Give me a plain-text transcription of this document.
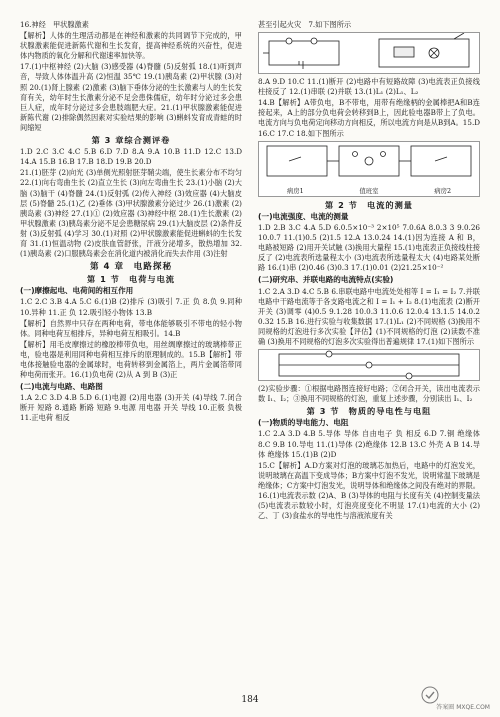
16.神经　甲状腺激素

【解析】人体的生理活动都是在神经和激素的共同调节下完成的，甲状腺激素能促进新陈代谢和生长发育，提高神经系统的兴奋性，促进体内物质的氧化分解和代谢速率加快等。

17.(1)中枢神经 (2)大脑 (3)感受器 (4)脊髓 (5)反射弧 18.(1)听到声音，导致人体体温升高 (2)恒温 35℃ 19.(1)胰岛素 (2)甲状腺 (3)对照 20.(1)肾上腺素 (2)激素 (3)脑下垂体分泌的生长激素与人的生长发育有关，幼年时生长激素分泌不足会患侏儒症，幼年时分泌过多会患巨人症，成年时分泌过多会患肢端肥大症。21.(1)甲状腺激素能促进新陈代谢 (2)排除偶然因素对实验结果的影响 (3)蝌蚪发育成青蛙的时间缩短

第 3 章综合测评卷

1.D 2.C 3.C 4.C 5.B 6.D 7.D 8.A 9.A 10.B 11.D 12.C 13.D 14.A 15.B 16.B 17.B 18.D 19.B 20.D

21.(1)胚芽 (2)向光 (3)单侧光照射胚芽鞘尖端，使生长素分布不均匀 22.(1)向右弯曲生长 (2)直立生长 (3)向左弯曲生长 23.(1)小脑 (2)大脑 (3)脑干 (4)脊髓 24.(1)反射弧 (2)传入神经 (3)效应器 (4)大脑皮层 (5)脊髓 25.(1)乙 (2)垂体 (3)甲状腺激素分泌过少 26.(1)激素 (2)胰岛素 (3)神经 27.(1)① (2)效应器 (3)神经中枢 28.(1)生长激素 (2)甲状腺激素 (3)胰岛素分泌不足会患糖尿病 29.(1)大脑皮层 (2)条件反射 (3)反射弧 (4)学习 30.(1)对照 (2)甲状腺激素能促进蝌蚪的生长发育 31.(1)恒温动物 (2)皮肤血管舒张，汗液分泌增多，散热增加 32.(1)胰岛素 (2)口服胰岛素会在消化道内被消化而失去作用 (3)注射

第 4 章　电路探秘
第 1 节　电荷与电流
(一)摩擦起电、电荷间的相互作用

1.C 2.C 3.B 4.A 5.C 6.(1)B (2)排斥 (3)吸引 7.正 负 8.负 9.同种 10.异种 11.正 负 12.吸引轻小物体 13.B

【解析】自然界中只存在两种电荷，带电体能够吸引不带电的轻小物体。同种电荷互相排斥，异种电荷互相吸引。14.B

【解析】用毛皮摩擦过的橡胶棒带负电，用丝绸摩擦过的玻璃棒带正电，验电器是利用同种电荷相互排斥的原理制成的。15.B【解析】带电体接触验电器的金属球时，电荷转移到金属箔上，两片金属箔带同种电荷而张开。16.(1)负电荷 (2)从 A 到 B (3)正

(二)电流与电路、电路图

1.A 2.C 3.D 4.B 5.D 6.(1)电源 (2)用电器 (3)开关 (4)导线 7.闭合 断开 短路 8.通路 断路 短路 9.电源 用电器 开关 导线 10.正极 负极 11.正电荷 相反

甚至引起火灾　7.如下图所示

8.A 9.D 10.C 11.(1)断开 (2)电路中有短路故障 (3)电流表正负接线柱接反了 12.(1)串联 (2)并联 13.(1)L₁ (2)L₁、L₂

14.B【解析】A带负电，B不带电，用带有绝缘柄的金属棒把A和B连接起来，A上的部分负电荷会转移到B上，因此验电器B带上了负电。电流方向与负电荷定向移动方向相反，所以电流方向是从B到A。15.D 16.C 17.C 18.如下图所示

病房1	值班室	病房2
第 2 节　电流的测量
(一)电流强度、电流的测量

1.D 2.B 3.C 4.A 5.D 6.0.5×10⁻³ 2×10⁵ 7.0.6A 8.0.3 3 9.0.26 10.0.7 11.(1)0.5 (2)1.5 12.A 13.0.24 14.(1)因为连接 A 和 B，电路被短路 (2)用开关试触 (3)换用大量程 15.(1)电流表正负接线柱接反了 (2)电流表所选量程太小 (3)电流表所选量程太大 (4)电路某处断路 16.(1)串 (2)0.46 (3)0.3 17.(1)0.01 (2)21.25×10⁻²

(二)研究串、并联电路的电流特点(实验)

1.C 2.A 3.D 4.C 5.B 6.串联电路中电流处处相等 I = I₁ = I₂ 7.并联电路中干路电流等于各支路电流之和 I = I₁ + I₂ 8.(1)电流表 (2)断开开关 (3)调零 (4)0.5 9.1.28 10.0.3 11.0.6 12.0.4 13.1.5 14.0.2 0.32 15.B 16.进行实验与收集数据 17.(1)L₁ (2)不同规格 (3)换用不同规格的灯泡进行多次实验【评估】(1)不同规格的灯泡 (2)读数不准确 (3)换用不同规格的灯泡多次实验得出普遍规律 17.(1)如下图所示

(2)实验步骤：①根据电路图连接好电路；②闭合开关，读出电流表示数 I₁、I₂；③换用不同规格的灯泡，重复上述步骤，分别读出 I₁、I₂

第 3 节　物质的导电性与电阻
(一)物质的导电能力、电阻

1.C 2.A 3.D 4.B 5.导体 导体 自由电子 负 相反 6.D 7.铜 绝缘体 8.C 9.B 10.导电 11.(1)导体 (2)绝缘体 12.B 13.C 外壳 A B 14.导体 绝缘体 15.(1)B (2)D

15.C【解析】A.D方案对灯泡的玻璃芯加热后，电路中的灯泡发光，说明玻璃在高温下变成导体；B方案中灯泡不发光，说明常温下玻璃是绝缘体；C方案中灯泡发光，说明导体和绝缘体之间没有绝对的界限。16.(1)电流表示数 (2)A、B (3)导体的电阻与长度有关 (4)控制变量法 (5)电流表示数较小时，灯泡亮度变化不明显 17.(1)电流的大小 (2)乙、丁 (3)食盐水的导电性与溶液浓度有关

184
答案圈 MXQE.COM
